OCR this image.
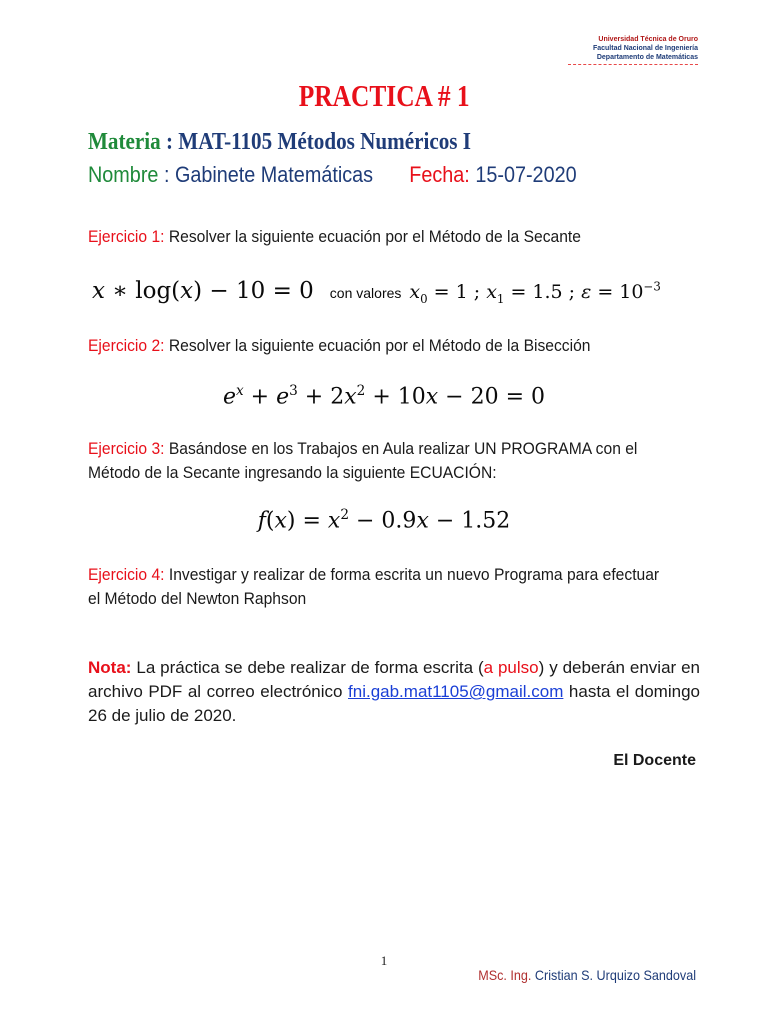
Universidad Técnica de Oruro
Facultad Nacional de Ingeniería
Departamento de Matemáticas
PRACTICA # 1
Materia : MAT-1105 Métodos Numéricos I
Nombre : Gabinete Matemáticas Fecha: 15-07-2020
Ejercicio 1: Resolver la siguiente ecuación por el Método de la Secante
x ∗ log(x) − 10 = 0 con valores $x_0 = 1$ ; $x_1 = 1.5$ ; $\varepsilon = 10^{-3}$
Ejercicio 2: Resolver la siguiente ecuación por el Método de la Bisección
$e^x + e^3 + 2x^2 + 10x - 20 = 0$
Ejercicio 3: Basándose en los Trabajos en Aula realizar UN PROGRAMA con el
Método de la Secante ingresando la siguiente ECUACIÓN:
$f(x) = x^2 - 0.9x - 1.52$
Ejercicio 4: Investigar y realizar de forma escrita un nuevo Programa para efectuar
el Método del Newton Raphson
Nota: La práctica se debe realizar de forma escrita (a pulso) y deberán enviar en archivo PDF al correo electrónico fni.gab.mat1105@gmail.com hasta el domingo 26 de julio de 2020.
El Docente
1
MSc. Ing. Cristian S. Urquizo Sandoval
